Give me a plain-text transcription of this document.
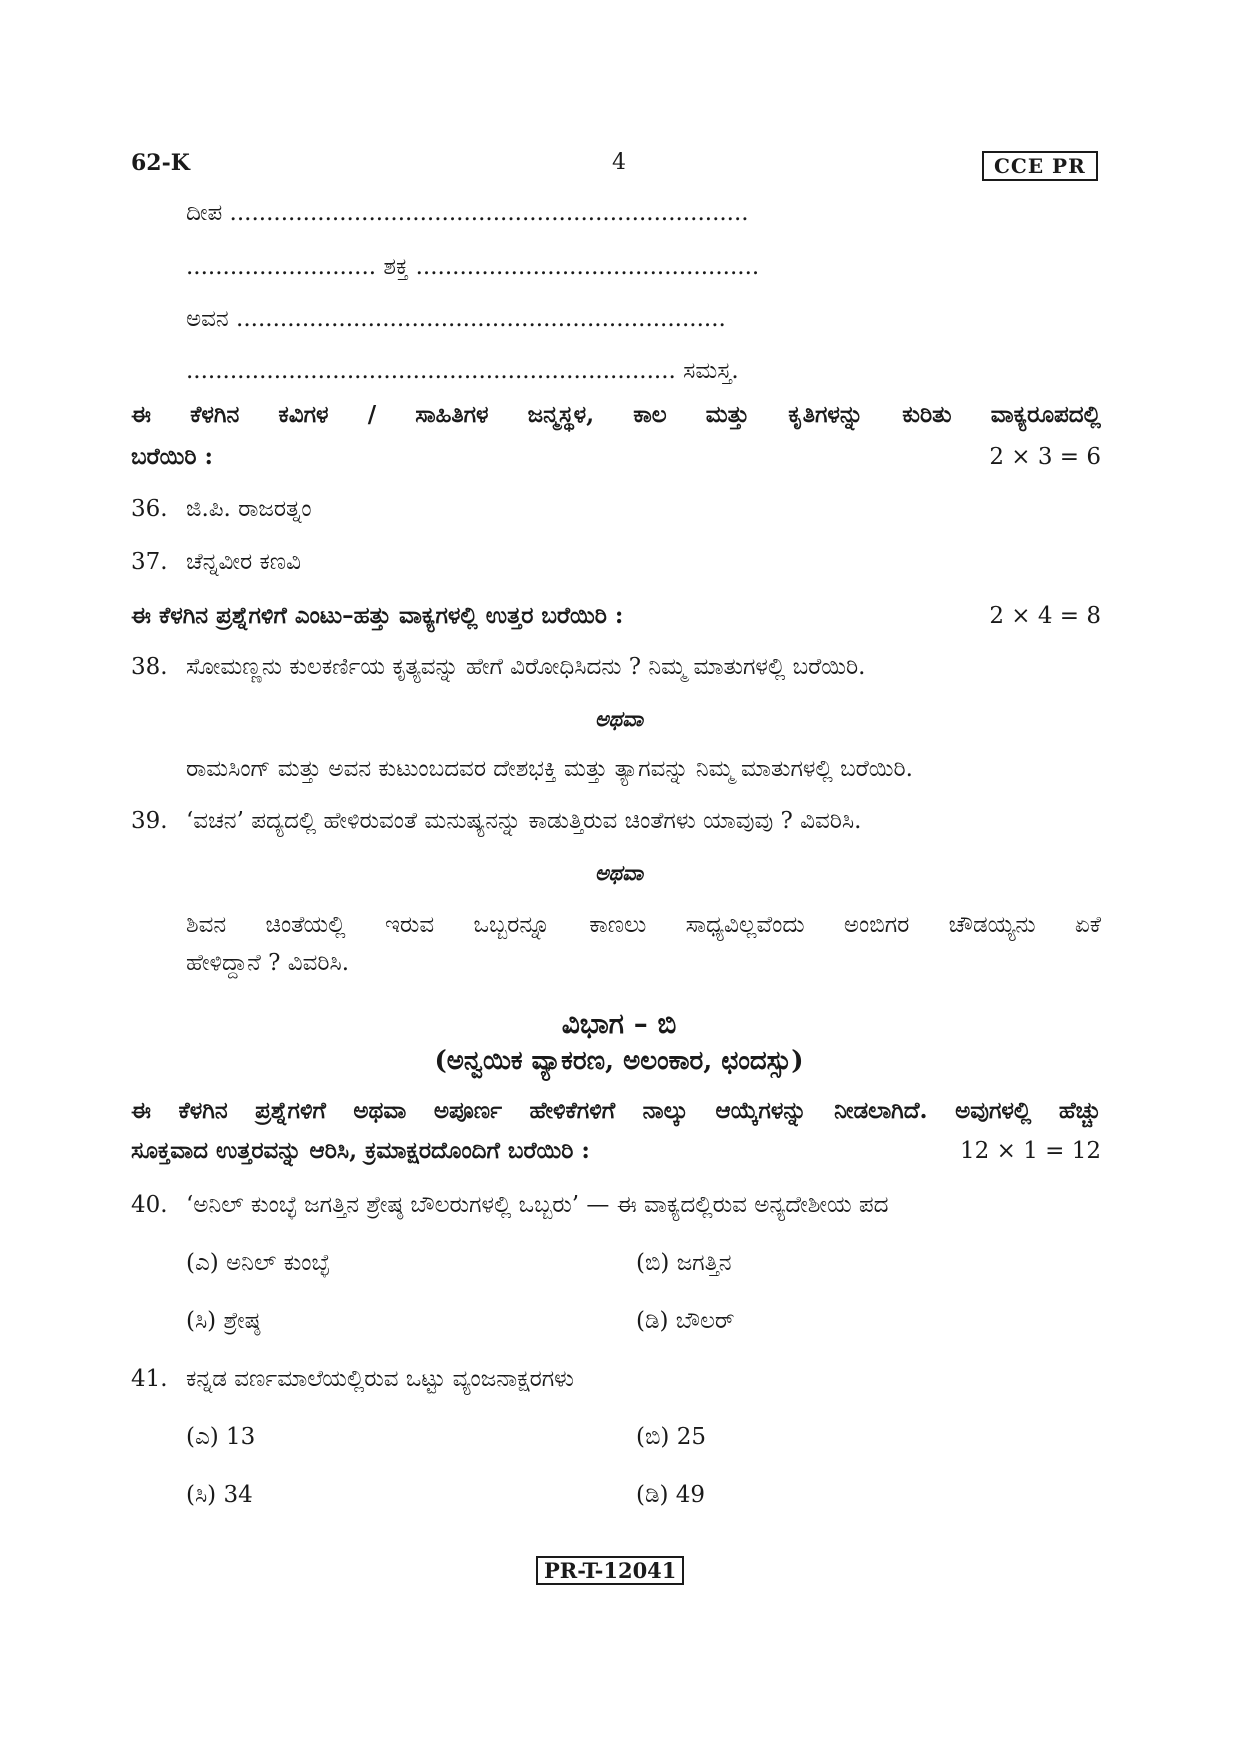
62-K	4	CCE PR
ದೀಪ .......................................................................
.......................... ಶಕ್ತ ...............................................
ಅವನ ...................................................................
................................................................... ಸಮಸ್ತ.
ಈ ಕೆಳಗಿನ ಕವಿಗಳ / ಸಾಹಿತಿಗಳ ಜನ್ಮಸ್ಥಳ, ಕಾಲ ಮತ್ತು ಕೃತಿಗಳನ್ನು ಕುರಿತು ವಾಕ್ಯರೂಪದಲ್ಲಿ
ಬರೆಯಿರಿ :	2 × 3 = 6
36. ಜಿ.ಪಿ. ರಾಜರತ್ನಂ
37. ಚೆನ್ನವೀರ ಕಣವಿ
ಈ ಕೆಳಗಿನ ಪ್ರಶ್ನೆಗಳಿಗೆ ಎಂಟು–ಹತ್ತು ವಾಕ್ಯಗಳಲ್ಲಿ ಉತ್ತರ ಬರೆಯಿರಿ :	2 × 4 = 8
38. ಸೋಮಣ್ಣನು ಕುಲಕರ್ಣಿಯ ಕೃತ್ಯವನ್ನು ಹೇಗೆ ವಿರೋಧಿಸಿದನು ? ನಿಮ್ಮ ಮಾತುಗಳಲ್ಲಿ ಬರೆಯಿರಿ.
ಅಥವಾ
ರಾಮಸಿಂಗ್ ಮತ್ತು ಅವನ ಕುಟುಂಬದವರ ದೇಶಭಕ್ತಿ ಮತ್ತು ತ್ಯಾಗವನ್ನು ನಿಮ್ಮ ಮಾತುಗಳಲ್ಲಿ ಬರೆಯಿರಿ.
39. ‘ವಚನ’ ಪದ್ಯದಲ್ಲಿ ಹೇಳಿರುವಂತೆ ಮನುಷ್ಯನನ್ನು ಕಾಡುತ್ತಿರುವ ಚಿಂತೆಗಳು ಯಾವುವು ? ವಿವರಿಸಿ.
ಅಥವಾ
ಶಿವನ ಚಿಂತೆಯಲ್ಲಿ ಇರುವ ಒಬ್ಬರನ್ನೂ ಕಾಣಲು ಸಾಧ್ಯವಿಲ್ಲವೆಂದು ಅಂಬಿಗರ ಚೌಡಯ್ಯನು ಏಕೆ
ಹೇಳಿದ್ದಾನೆ ? ವಿವರಿಸಿ.
ವಿಭಾಗ – ಬಿ
(ಅನ್ವಯಿಕ ವ್ಯಾಕರಣ, ಅಲಂಕಾರ, ಛಂದಸ್ಸು)
ಈ ಕೆಳಗಿನ ಪ್ರಶ್ನೆಗಳಿಗೆ ಅಥವಾ ಅಪೂರ್ಣ ಹೇಳಿಕೆಗಳಿಗೆ ನಾಲ್ಕು ಆಯ್ಕೆಗಳನ್ನು ನೀಡಲಾಗಿದೆ. ಅವುಗಳಲ್ಲಿ ಹೆಚ್ಚು
ಸೂಕ್ತವಾದ ಉತ್ತರವನ್ನು ಆರಿಸಿ, ಕ್ರಮಾಕ್ಷರದೊಂದಿಗೆ ಬರೆಯಿರಿ :	12 × 1 = 12
40. ‘ಅನಿಲ್ ಕುಂಬ್ಳೆ ಜಗತ್ತಿನ ಶ್ರೇಷ್ಠ ಬೌಲರುಗಳಲ್ಲಿ ಒಬ್ಬರು’ — ಈ ವಾಕ್ಯದಲ್ಲಿರುವ ಅನ್ಯದೇಶೀಯ ಪದ
(ಎ) ಅನಿಲ್ ಕುಂಬ್ಳೆ	(ಬಿ) ಜಗತ್ತಿನ
(ಸಿ) ಶ್ರೇಷ್ಠ	(ಡಿ) ಬೌಲರ್
41. ಕನ್ನಡ ವರ್ಣಮಾಲೆಯಲ್ಲಿರುವ ಒಟ್ಟು ವ್ಯಂಜನಾಕ್ಷರಗಳು
(ಎ) 13	(ಬಿ) 25
(ಸಿ) 34	(ಡಿ) 49
PR-T-12041
